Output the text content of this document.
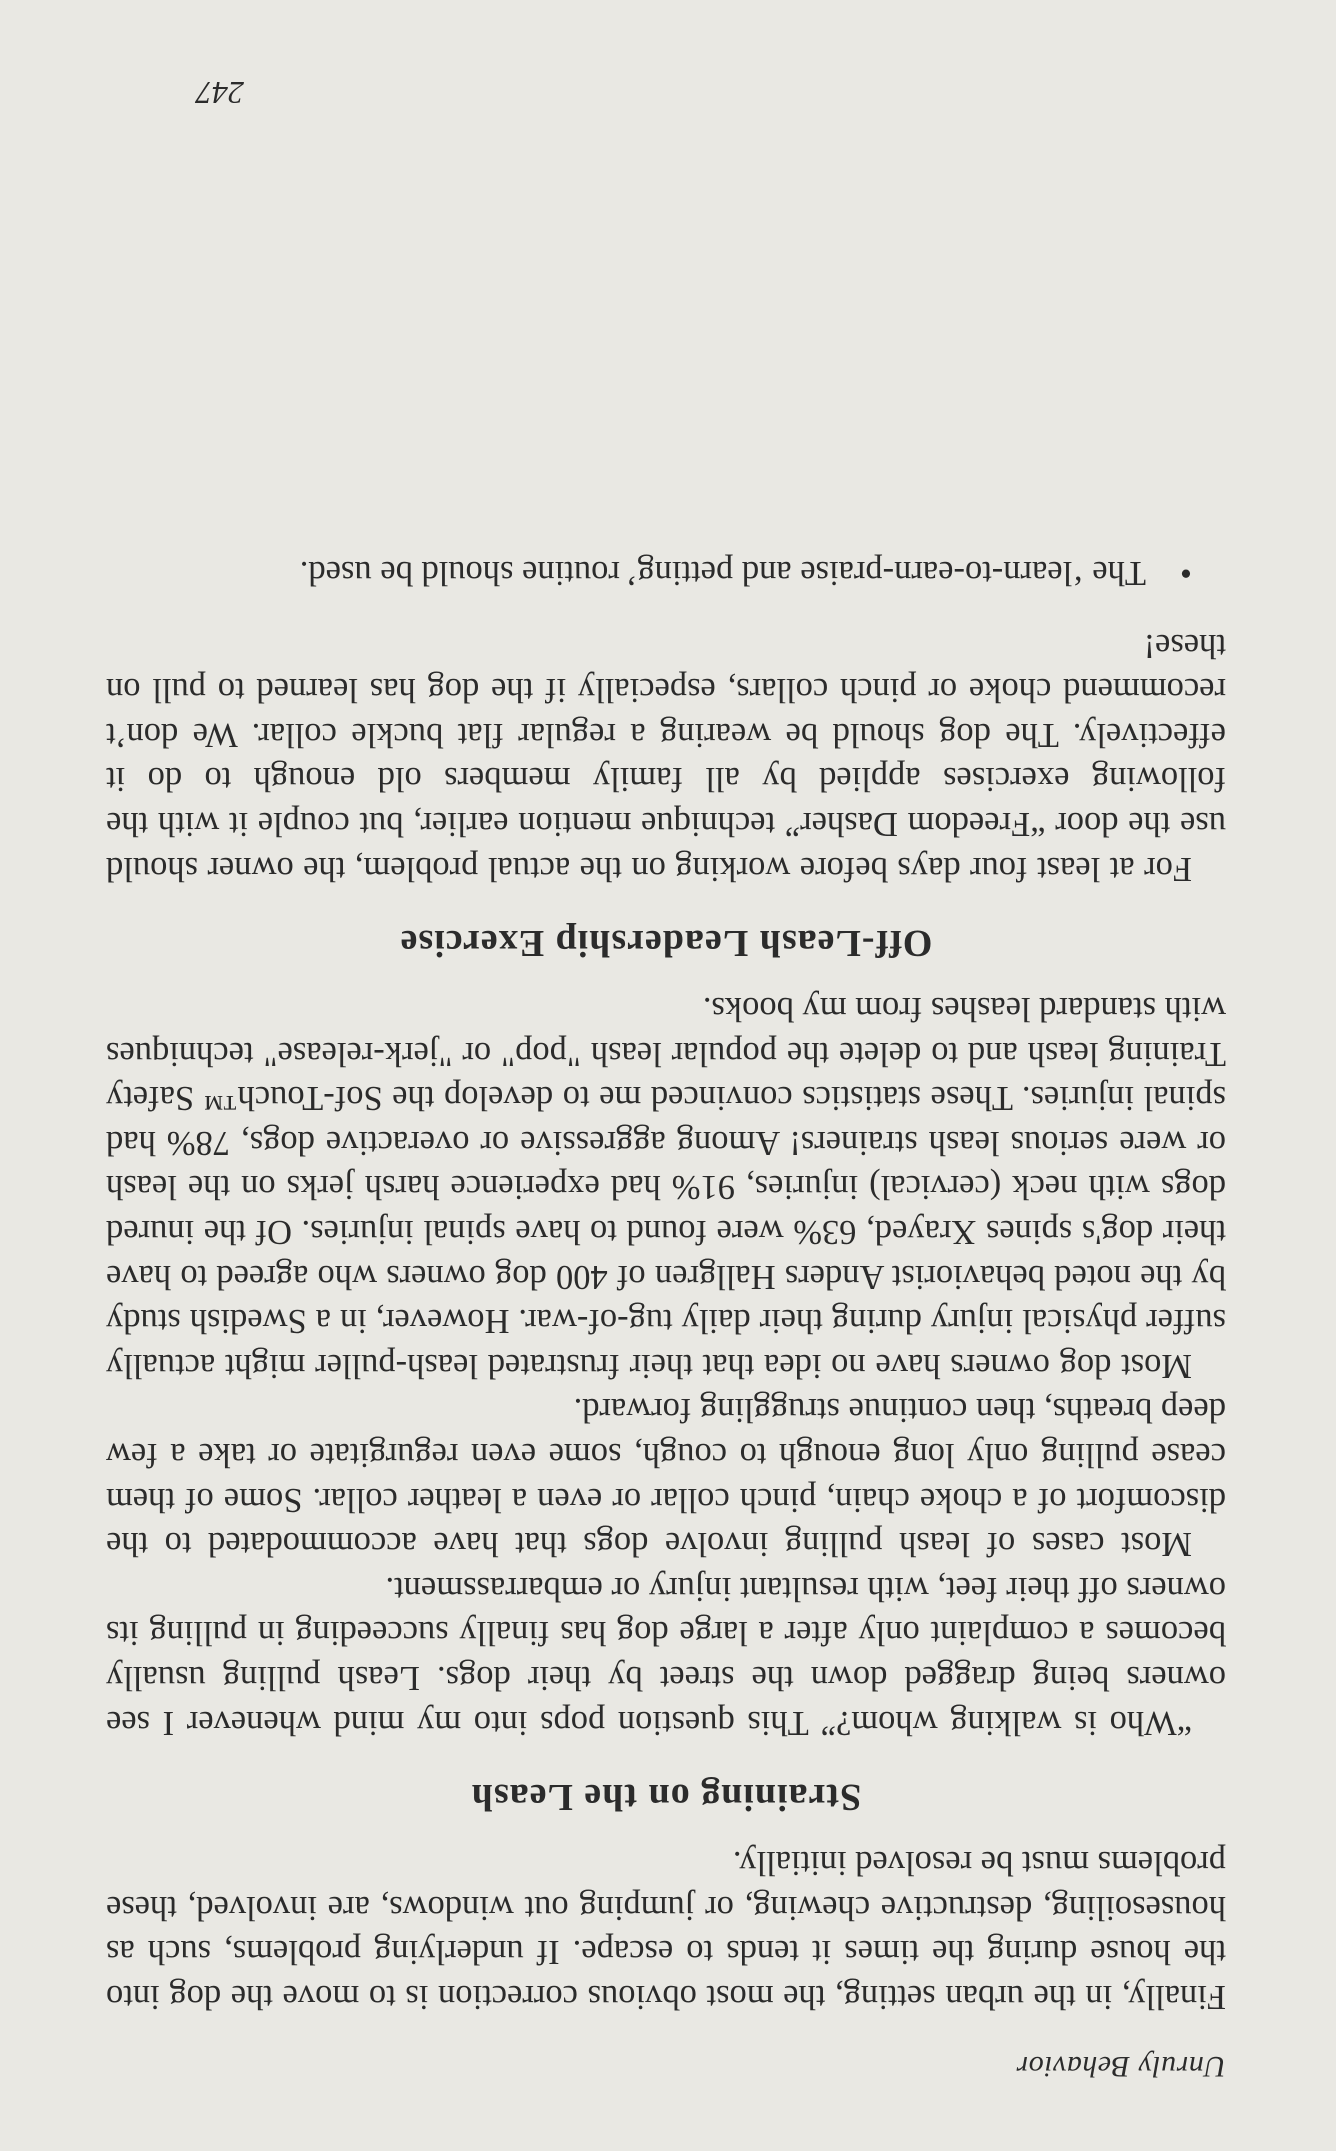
Unruly Behavior

Finally, in the urban setting, the most obvious correction is to move the dog into the house during the times it tends to escape. If underlying problems, such as housesoiling, destructive chewing, or jumping out windows, are involved, these problems must be resolved initially.

Straining on the Leash

“Who is walking whom?” This question pops into my mind whenever I see owners being dragged down the street by their dogs. Leash pulling usually becomes a complaint only after a large dog has finally succeeding in pulling its owners off their feet, with resultant injury or embarrassment.

Most cases of leash pulling involve dogs that have accommodated to the discomfort of a choke chain, pinch collar or even a leather collar. Some of them cease pulling only long enough to cough, some even regurgitate or take a few deep breaths, then continue struggling forward.

Most dog owners have no idea that their frustrated leash-puller might actually suffer physical injury during their daily tug-of-war. However, in a Swedish study by the noted behaviorist Anders Hallgren of 400 dog owners who agreed to have their dog's spines Xrayed, 63% were found to have spinal injuries. Of the inured dogs with neck (cervical) injuries, 91% had experience harsh jerks on the leash or were serious leash strainers! Among aggressive or overactive dogs, 78% had spinal injuries. These statistics convinced me to develop the Sof-Touch™ Safety Training leash and to delete the popular leash "pop" or "jerk-release" techniques with standard leashes from my books.

Off-Leash Leadership Exercise

For at least four days before working on the actual problem, the owner should use the door “Freedom Dasher” technique mention earlier, but couple it with the following exercises applied by all family members old enough to do it effectively. The dog should be wearing a regular flat buckle collar. We don’t recommend choke or pinch collars, especially if the dog has learned to pull on these!

•
The ‘learn-to-earn-praise and petting’ routine should be used.
247
